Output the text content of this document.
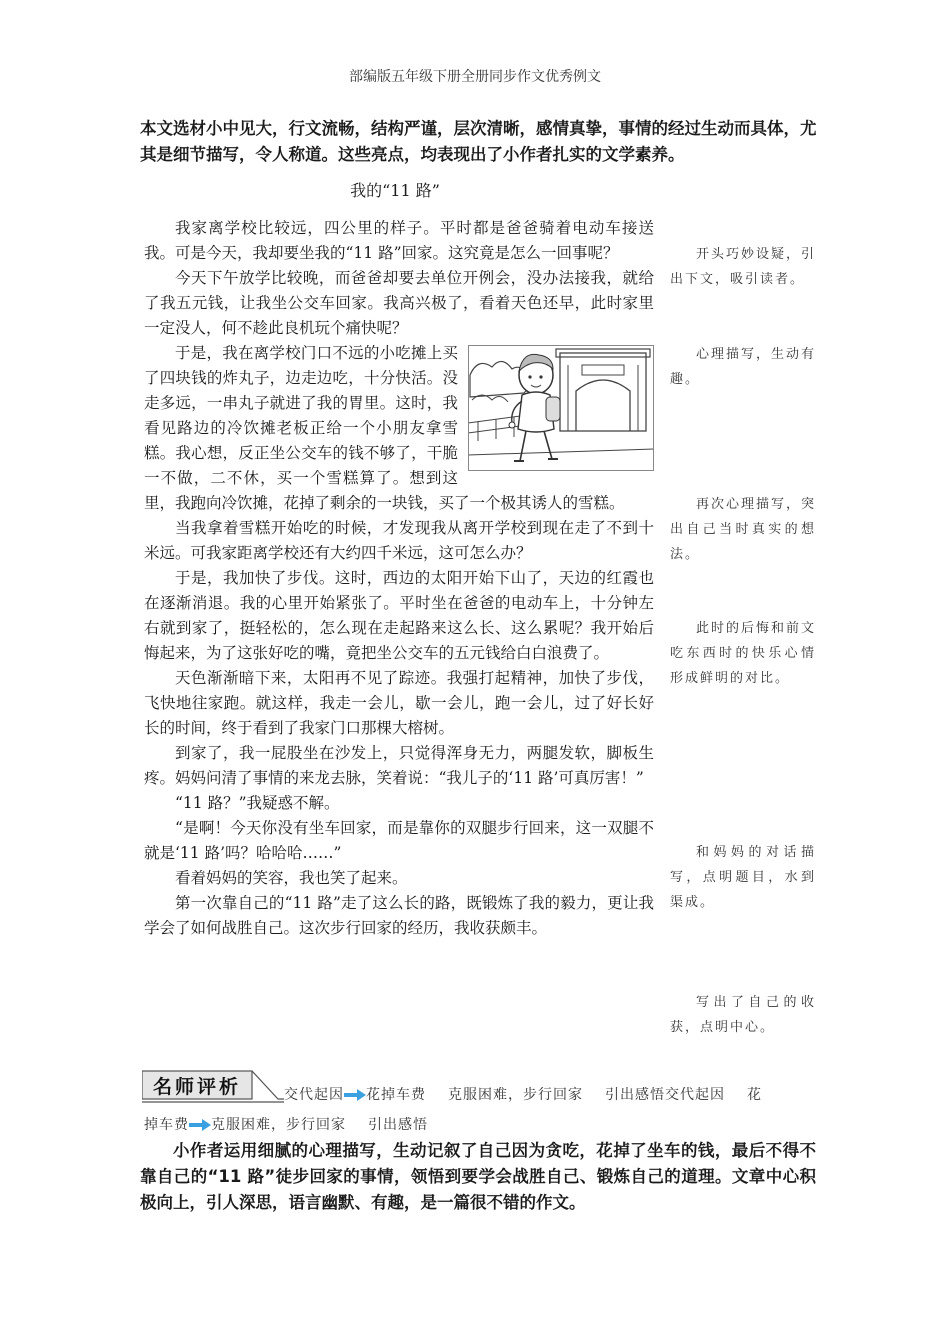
部编版五年级下册全册同步作文优秀例文
本文选材小中见大，行文流畅，结构严谨，层次清晰，感情真挚，事情的经过生动而具体，尤其是细节描写，令人称道。这些亮点，均表现出了小作者扎实的文学素养。
我的“11 路”

我家离学校比较远，四公里的样子。平时都是爸爸骑着电动车接送我。可是今天，我却要坐我的“11 路”回家。这究竟是怎么一回事呢？

今天下午放学比较晚，而爸爸却要去单位开例会，没办法接我，就给了我五元钱，让我坐公交车回家。我高兴极了，看着天色还早，此时家里一定没人，何不趁此良机玩个痛快呢？

于是，我在离学校门口不远的小吃摊上买了四块钱的炸丸子，边走边吃，十分快活。没走多远，一串丸子就进了我的胃里。这时，我看见路边的冷饮摊老板正给一个小朋友拿雪糕。我心想，反正坐公交车的钱不够了，干脆一不做，二不休，买一个雪糕算了。想到这里，我跑向冷饮摊，花掉了剩余的一块钱，买了一个极其诱人的雪糕。

当我拿着雪糕开始吃的时候，才发现我从离开学校到现在走了不到十米远。可我家距离学校还有大约四千米远，这可怎么办？

于是，我加快了步伐。这时，西边的太阳开始下山了，天边的红霞也在逐渐消退。我的心里开始紧张了。平时坐在爸爸的电动车上，十分钟左右就到家了，挺轻松的，怎么现在走起路来这么长、这么累呢？我开始后悔起来，为了这张好吃的嘴，竟把坐公交车的五元钱给白白浪费了。

天色渐渐暗下来，太阳再不见了踪迹。我强打起精神，加快了步伐，飞快地往家跑。就这样，我走一会儿，歇一会儿，跑一会儿，过了好长好长的时间，终于看到了我家门口那棵大榕树。

到家了，我一屁股坐在沙发上，只觉得浑身无力，两腿发软，脚板生疼。妈妈问清了事情的来龙去脉，笑着说：“我儿子的‘11 路’可真厉害！”

“11 路？”我疑惑不解。

“是啊！今天你没有坐车回家，而是靠你的双腿步行回来，这一双腿不就是‘11 路’吗？哈哈哈……”

看着妈妈的笑容，我也笑了起来。

第一次靠自己的“11 路”走了这么长的路，既锻炼了我的毅力，更让我学会了如何战胜自己。这次步行回家的经历，我收获颇丰。

开头巧妙设疑，引出下文，吸引读者。
心理描写，生动有趣。
再次心理描写，突出自己当时真实的想法。
此时的后悔和前文吃东西时的快乐心情形成鲜明的对比。
和妈妈的对话描写，点明题目，水到渠成。
写出了自己的收获，点明中心。
名师评析	交代起因 花掉车费 克服困难，步行回家 引出感悟交代起因 花
掉车费 克服困难，步行回家 引出感悟
小作者运用细腻的心理描写，生动记叙了自己因为贪吃，花掉了坐车的钱，最后不得不靠自己的“11 路”徒步回家的事情，领悟到要学会战胜自己、锻炼自己的道理。文章中心积极向上，引人深思，语言幽默、有趣，是一篇很不错的作文。
